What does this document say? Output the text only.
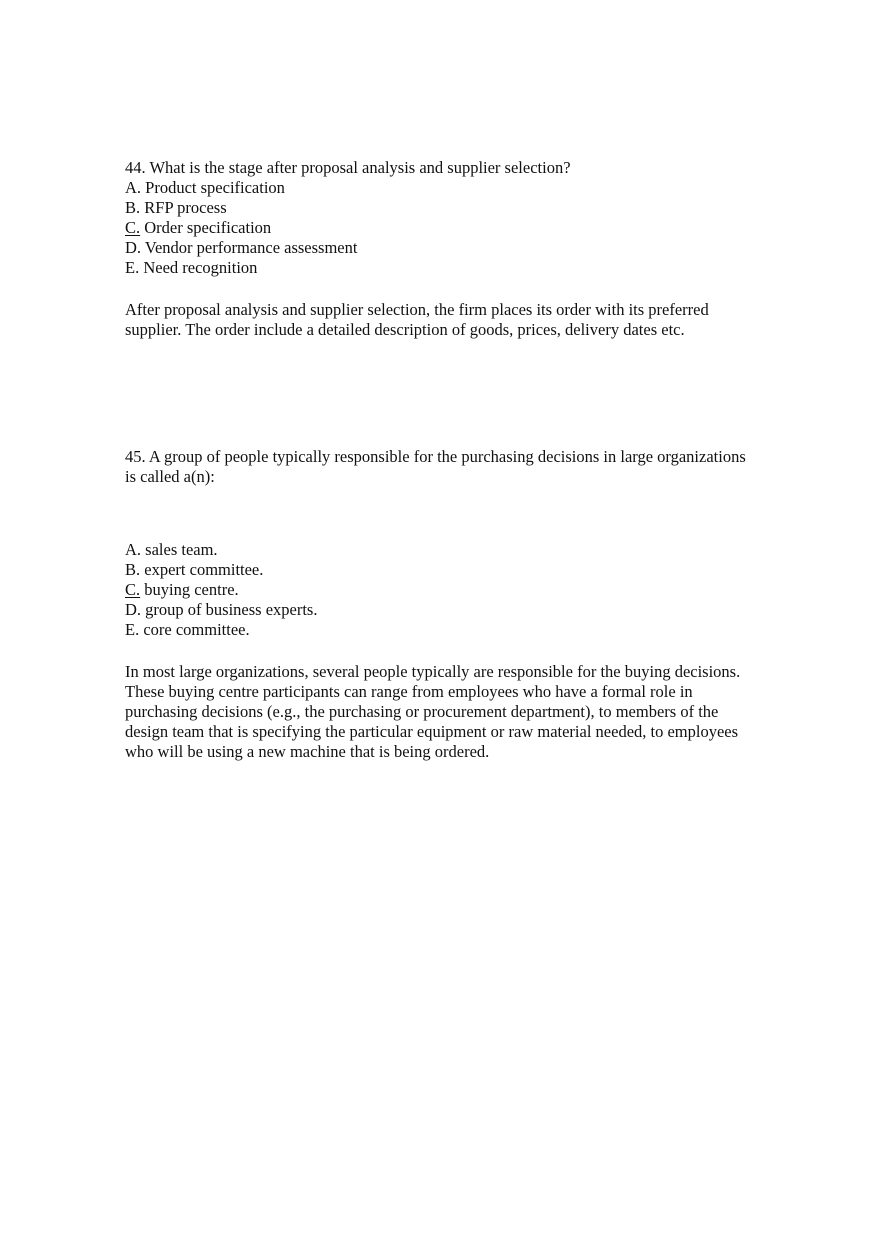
44. What is the stage after proposal analysis and supplier selection?
A. Product specification
B. RFP process
C. Order specification
D. Vendor performance assessment
E. Need recognition
After proposal analysis and supplier selection, the firm places its order with its preferred
supplier. The order include a detailed description of goods, prices, delivery dates etc.
45. A group of people typically responsible for the purchasing decisions in large organizations
is called a(n):
A. sales team.
B. expert committee.
C. buying centre.
D. group of business experts.
E. core committee.
In most large organizations, several people typically are responsible for the buying decisions.
These buying centre participants can range from employees who have a formal role in
purchasing decisions (e.g., the purchasing or procurement department), to members of the
design team that is specifying the particular equipment or raw material needed, to employees
who will be using a new machine that is being ordered.
